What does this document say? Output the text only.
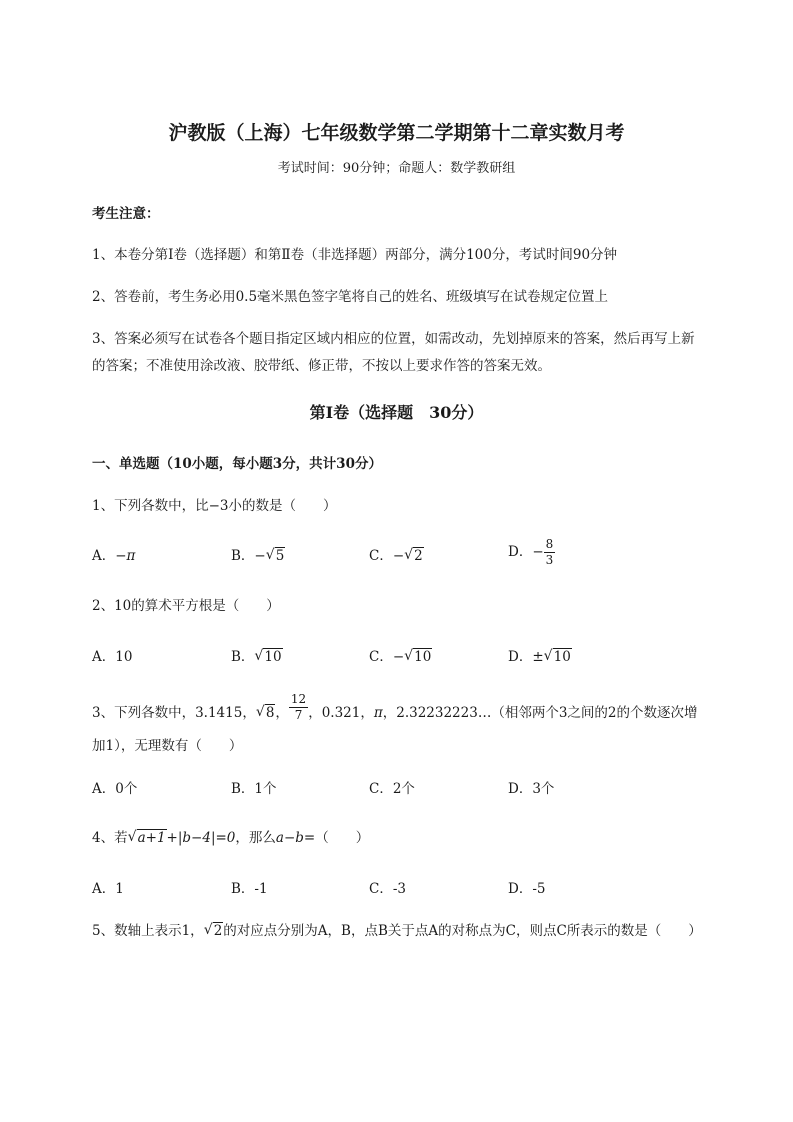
沪教版（上海）七年级数学第二学期第十二章实数月考
考试时间：90分钟；命题人：数学教研组
考生注意：
1、本卷分第I卷（选择题）和第Ⅱ卷（非选择题）两部分，满分100分，考试时间90分钟
2、答卷前，考生务必用0.5毫米黑色签字笔将自己的姓名、班级填写在试卷规定位置上
3、答案必须写在试卷各个题目指定区域内相应的位置，如需改动，先划掉原来的答案，然后再写上新
的答案；不准使用涂改液、胶带纸、修正带，不按以上要求作答的答案无效。
第I卷（选择题　30分）
一、单选题（10小题，每小题3分，共计30分）
1、下列各数中，比−3小的数是（　　）
A．−π	B．− √ 5	C．− √ 2	D．− $\frac{8}{3}$
2、10的算术平方根是（　　）
A．10	B． √ 10	C．− √ 10	D．± √ 10
3、下列各数中，3.1415， √ 8， $\frac{12}{7}$ ，0.321，π，2.32232223…（相邻两个3之间的2的个数逐次增
加1），无理数有（　　）
A．0个	B．1个	C．2个	D．3个
4、若 √ a+1+|b−4|=0，那么a−b=（　　）
A．1	B．-1	C．-3	D．-5
5、数轴上表示1， √ 2的对应点分别为A，B，点B关于点A的对称点为C，则点C所表示的数是（　　）
